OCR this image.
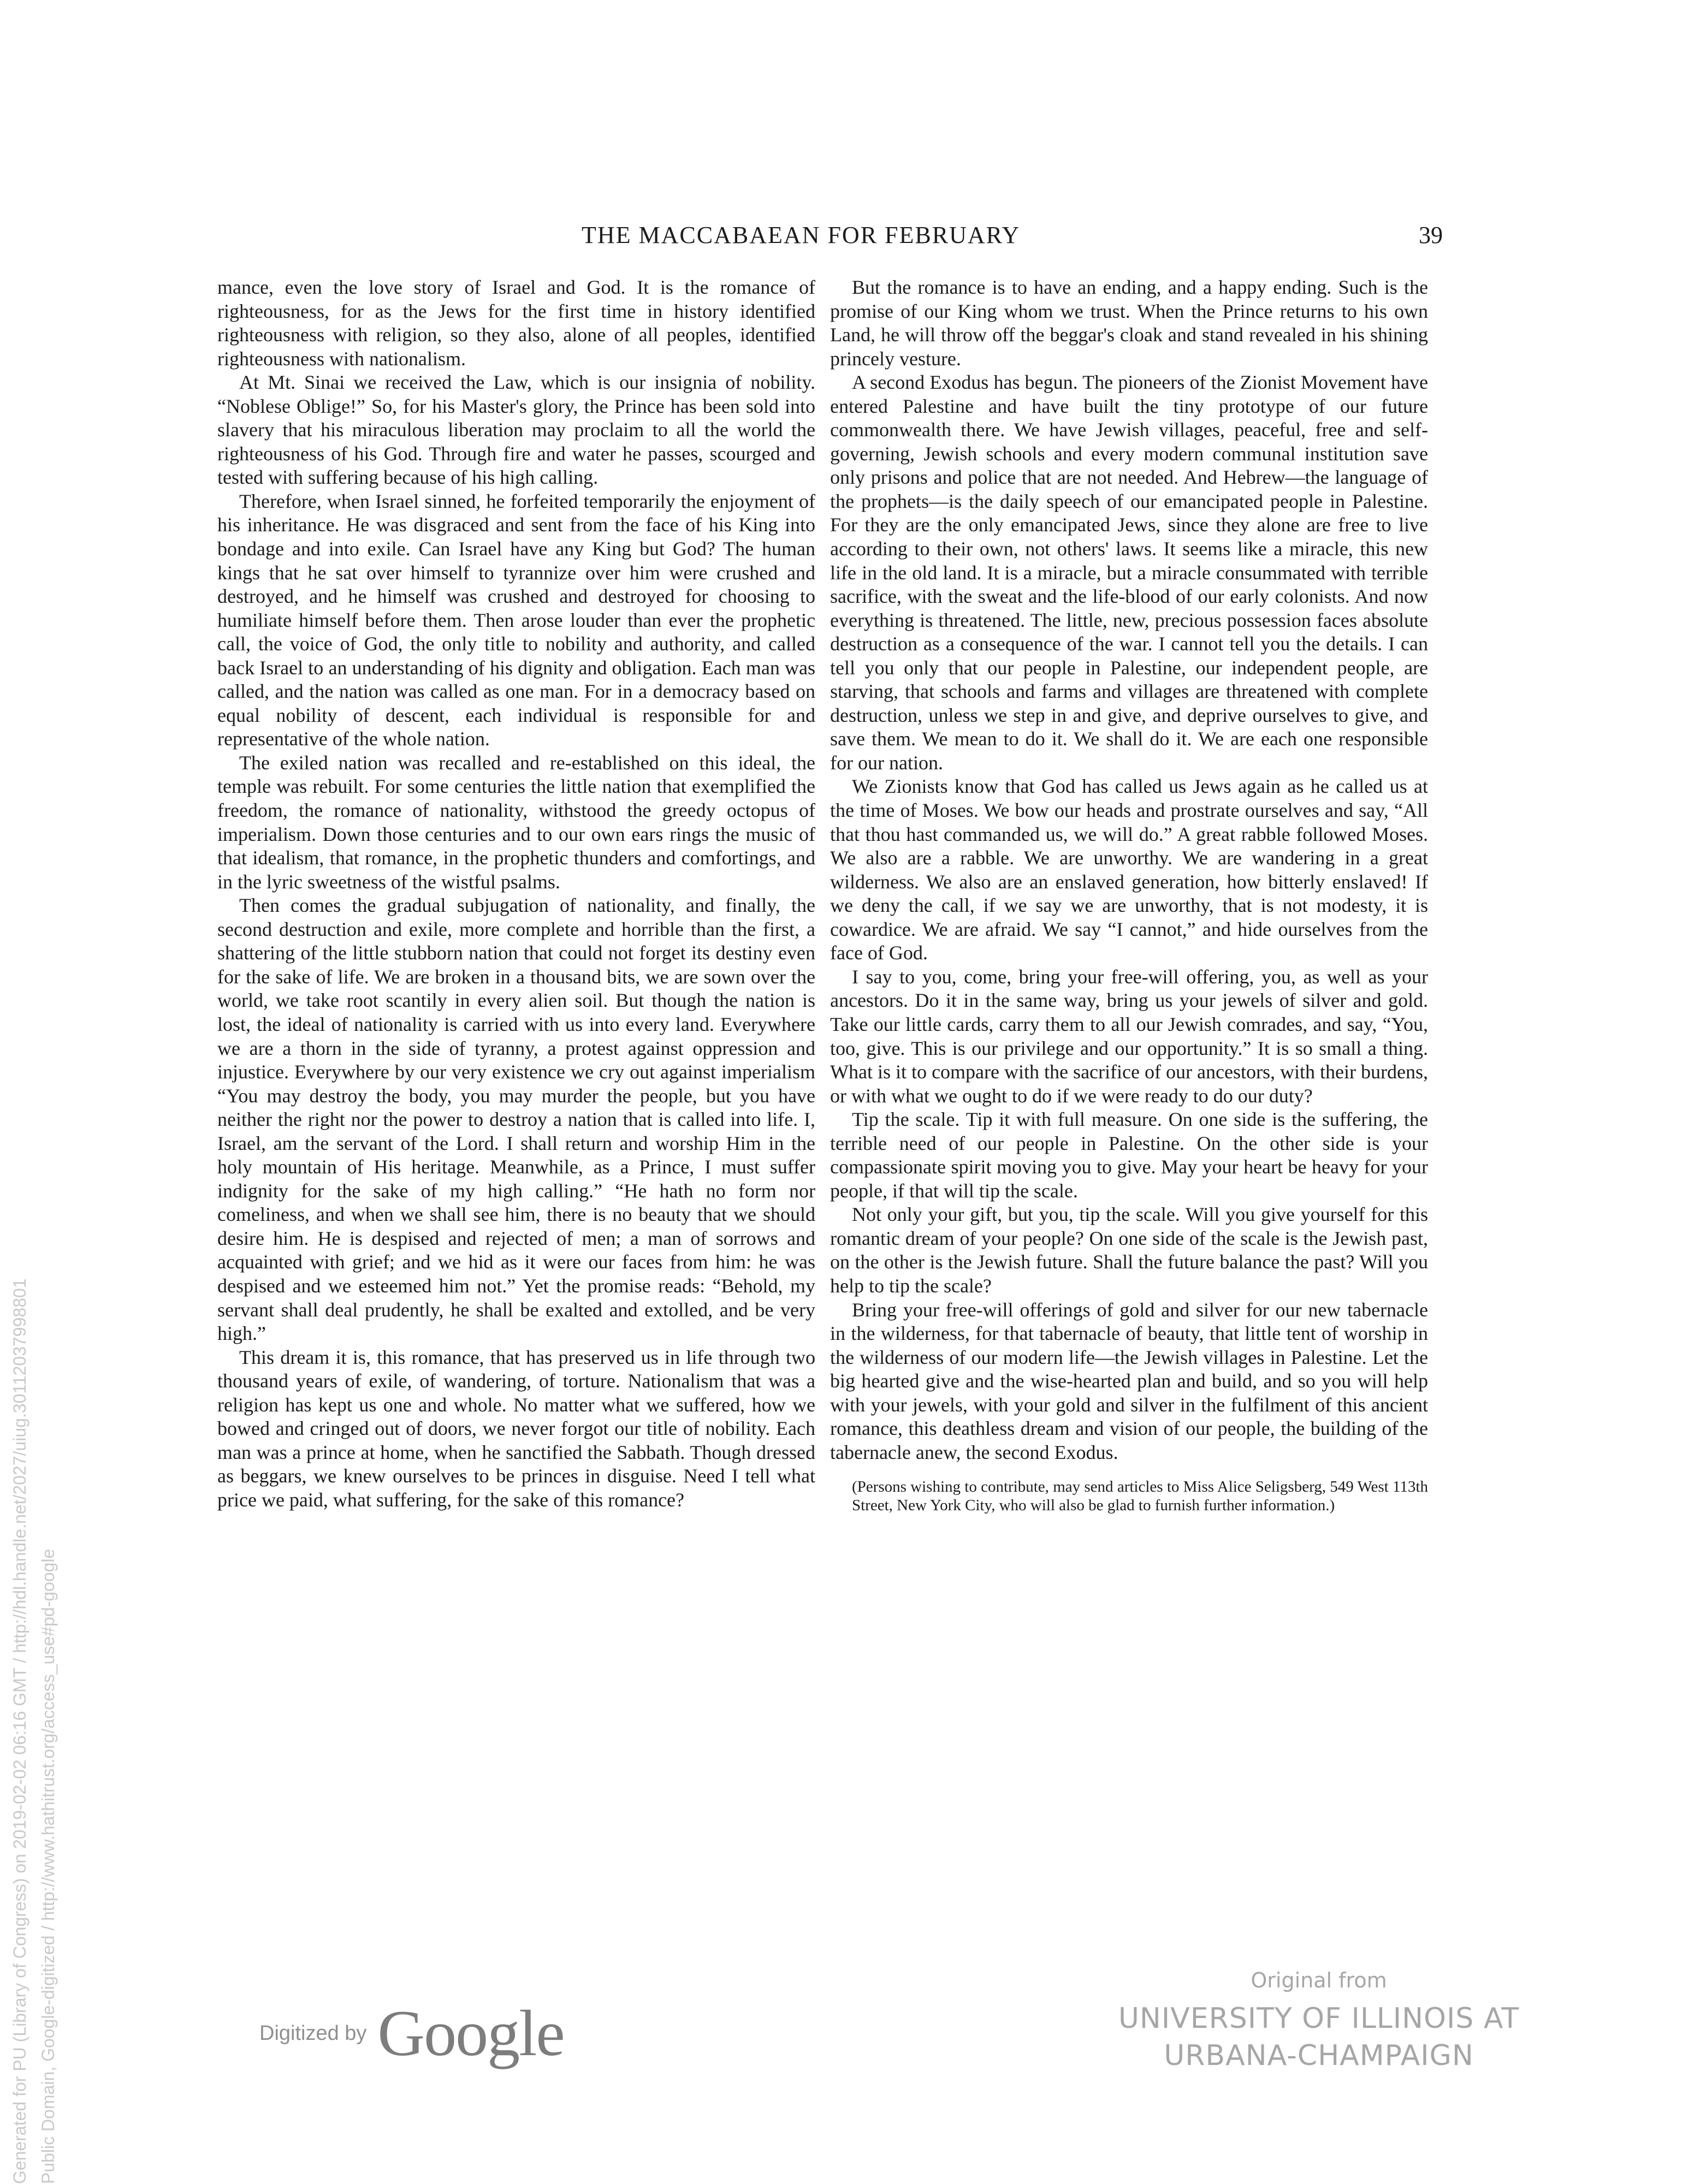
THE MACCABAEAN FOR FEBRUARY	39

mance, even the love story of Israel and God. It is the romance of righteousness, for as the Jews for the first time in history identified righteousness with religion, so they also, alone of all peoples, identified righteousness with nationalism.

At Mt. Sinai we received the Law, which is our insignia of nobility. “Noblese Oblige!” So, for his Master's glory, the Prince has been sold into slavery that his miraculous liberation may proclaim to all the world the righteousness of his God. Through fire and water he passes, scourged and tested with suffering because of his high calling.

Therefore, when Israel sinned, he forfeited temporarily the enjoyment of his inheritance. He was disgraced and sent from the face of his King into bondage and into exile. Can Israel have any King but God? The human kings that he sat over himself to tyrannize over him were crushed and destroyed, and he himself was crushed and destroyed for choosing to humiliate himself before them. Then arose louder than ever the prophetic call, the voice of God, the only title to nobility and authority, and called back Israel to an understanding of his dignity and obligation. Each man was called, and the nation was called as one man. For in a democracy based on equal nobility of descent, each individual is responsible for and representative of the whole nation.

The exiled nation was recalled and re-established on this ideal, the temple was rebuilt. For some centuries the little nation that exemplified the freedom, the romance of nationality, withstood the greedy octopus of imperialism. Down those centuries and to our own ears rings the music of that idealism, that romance, in the prophetic thunders and comfortings, and in the lyric sweetness of the wistful psalms.

Then comes the gradual subjugation of nationality, and finally, the second destruction and exile, more complete and horrible than the first, a shattering of the little stubborn nation that could not forget its destiny even for the sake of life. We are broken in a thousand bits, we are sown over the world, we take root scantily in every alien soil. But though the nation is lost, the ideal of nationality is carried with us into every land. Everywhere we are a thorn in the side of tyranny, a protest against oppression and injustice. Everywhere by our very existence we cry out against imperialism “You may destroy the body, you may murder the people, but you have neither the right nor the power to destroy a nation that is called into life. I, Israel, am the servant of the Lord. I shall return and worship Him in the holy mountain of His heritage. Meanwhile, as a Prince, I must suffer indignity for the sake of my high calling.” “He hath no form nor comeliness, and when we shall see him, there is no beauty that we should desire him. He is despised and rejected of men; a man of sorrows and acquainted with grief; and we hid as it were our faces from him: he was despised and we esteemed him not.” Yet the promise reads: “Behold, my servant shall deal prudently, he shall be exalted and extolled, and be very high.”

This dream it is, this romance, that has preserved us in life through two thousand years of exile, of wandering, of torture. Nationalism that was a religion has kept us one and whole. No matter what we suffered, how we bowed and cringed out of doors, we never forgot our title of nobility. Each man was a prince at home, when he sanctified the Sabbath. Though dressed as beggars, we knew ourselves to be princes in disguise. Need I tell what price we paid, what suffering, for the sake of this romance?

But the romance is to have an ending, and a happy ending. Such is the promise of our King whom we trust. When the Prince returns to his own Land, he will throw off the beggar's cloak and stand revealed in his shining princely vesture.

A second Exodus has begun. The pioneers of the Zionist Movement have entered Palestine and have built the tiny prototype of our future commonwealth there. We have Jewish villages, peaceful, free and self-governing, Jewish schools and every modern communal institution save only prisons and police that are not needed. And Hebrew—the language of the prophets—is the daily speech of our emancipated people in Palestine. For they are the only emancipated Jews, since they alone are free to live according to their own, not others' laws. It seems like a miracle, this new life in the old land. It is a miracle, but a miracle consummated with terrible sacrifice, with the sweat and the life-blood of our early colonists. And now everything is threatened. The little, new, precious possession faces absolute destruction as a consequence of the war. I cannot tell you the details. I can tell you only that our people in Palestine, our independent people, are starving, that schools and farms and villages are threatened with complete destruction, unless we step in and give, and deprive ourselves to give, and save them. We mean to do it. We shall do it. We are each one responsible for our nation.

We Zionists know that God has called us Jews again as he called us at the time of Moses. We bow our heads and prostrate ourselves and say, “All that thou hast commanded us, we will do.” A great rabble followed Moses. We also are a rabble. We are unworthy. We are wandering in a great wilderness. We also are an enslaved generation, how bitterly enslaved! If we deny the call, if we say we are unworthy, that is not modesty, it is cowardice. We are afraid. We say “I cannot,” and hide ourselves from the face of God.

I say to you, come, bring your free-will offering, you, as well as your ancestors. Do it in the same way, bring us your jewels of silver and gold. Take our little cards, carry them to all our Jewish comrades, and say, “You, too, give. This is our privilege and our opportunity.” It is so small a thing. What is it to compare with the sacrifice of our ancestors, with their burdens, or with what we ought to do if we were ready to do our duty?

Tip the scale. Tip it with full measure. On one side is the suffering, the terrible need of our people in Palestine. On the other side is your compassionate spirit moving you to give. May your heart be heavy for your people, if that will tip the scale.

Not only your gift, but you, tip the scale. Will you give yourself for this romantic dream of your people? On one side of the scale is the Jewish past, on the other is the Jewish future. Shall the future balance the past? Will you help to tip the scale?

Bring your free-will offerings of gold and silver for our new tabernacle in the wilderness, for that tabernacle of beauty, that little tent of worship in the wilderness of our modern life—the Jewish villages in Palestine. Let the big hearted give and the wise-hearted plan and build, and so you will help with your jewels, with your gold and silver in the fulfilment of this ancient romance, this deathless dream and vision of our people, the building of the tabernacle anew, the second Exodus.

(Persons wishing to contribute, may send articles to Miss Alice Seligsberg, 549 West 113th Street, New York City, who will also be glad to furnish further information.)
Digitized by Google
Original from
UNIVERSITY OF ILLINOIS AT
URBANA-CHAMPAIGN
Generated for PU (Library of Congress) on 2019-02-02 06:16 GMT / http://hdl.handle.net/2027/uiug.30112037998801 Public Domain, Google-digitized / http://www.hathitrust.org/access_use#pd-google
